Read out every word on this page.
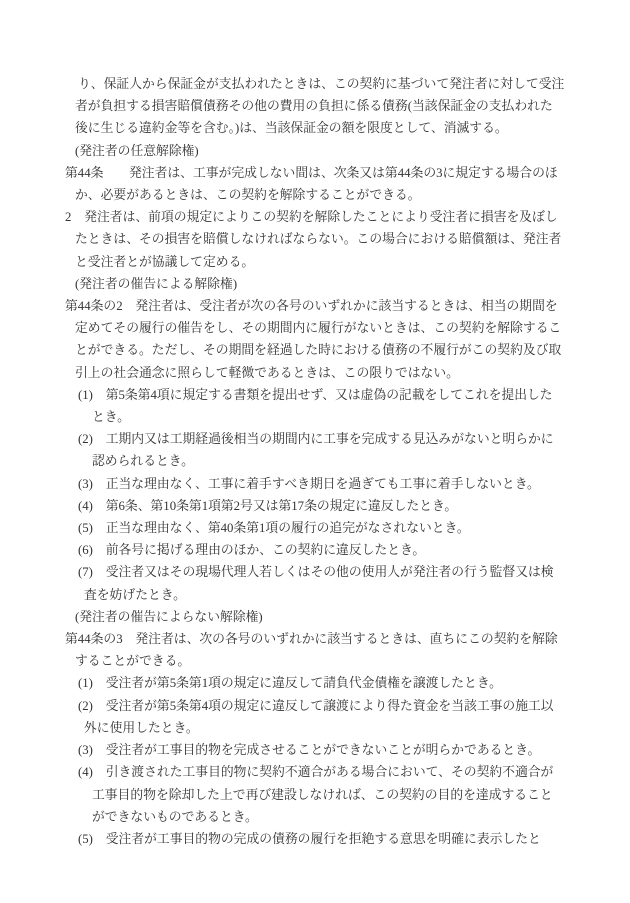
り、保証人から保証金が支払われたときは、この契約に基づいて発注者に対して受注
者が負担する損害賠償債務その他の費用の負担に係る債務(当該保証金の支払われた
後に生じる違約金等を含む。)は、当該保証金の額を限度として、消滅する。
(発注者の任意解除権)
第44条　　発注者は、工事が完成しない間は、次条又は第44条の3に規定する場合のほ
か、必要があるときは、この契約を解除することができる。
2　発注者は、前項の規定によりこの契約を解除したことにより受注者に損害を及ぼし
たときは、その損害を賠償しなければならない。この場合における賠償額は、発注者
と受注者とが協議して定める。
(発注者の催告による解除権)
第44条の2　発注者は、受注者が次の各号のいずれかに該当するときは、相当の期間を
定めてその履行の催告をし、その期間内に履行がないときは、この契約を解除するこ
とができる。ただし、その期間を経過した時における債務の不履行がこの契約及び取
引上の社会通念に照らして軽微であるときは、この限りではない。
(1)　第5条第4項に規定する書類を提出せず、又は虚偽の記載をしてこれを提出した
とき。
(2)　工期内又は工期経過後相当の期間内に工事を完成する見込みがないと明らかに
認められるとき。
(3)　正当な理由なく、工事に着手すべき期日を過ぎても工事に着手しないとき。
(4)　第6条、第10条第1項第2号又は第17条の規定に違反したとき。
(5)　正当な理由なく、第40条第1項の履行の追完がなされないとき。
(6)　前各号に掲げる理由のほか、この契約に違反したとき。
(7)　受注者又はその現場代理人若しくはその他の使用人が発注者の行う監督又は検
査を妨げたとき。
(発注者の催告によらない解除権)
第44条の3　発注者は、次の各号のいずれかに該当するときは、直ちにこの契約を解除
することができる。
(1)　受注者が第5条第1項の規定に違反して請負代金債権を譲渡したとき。
(2)　受注者が第5条第4項の規定に違反して譲渡により得た資金を当該工事の施工以
外に使用したとき。
(3)　受注者が工事目的物を完成させることができないことが明らかであるとき。
(4)　引き渡された工事目的物に契約不適合がある場合において、その契約不適合が
工事目的物を除却した上で再び建設しなければ、この契約の目的を達成すること
ができないものであるとき。
(5)　受注者が工事目的物の完成の債務の履行を拒絶する意思を明確に表示したと
